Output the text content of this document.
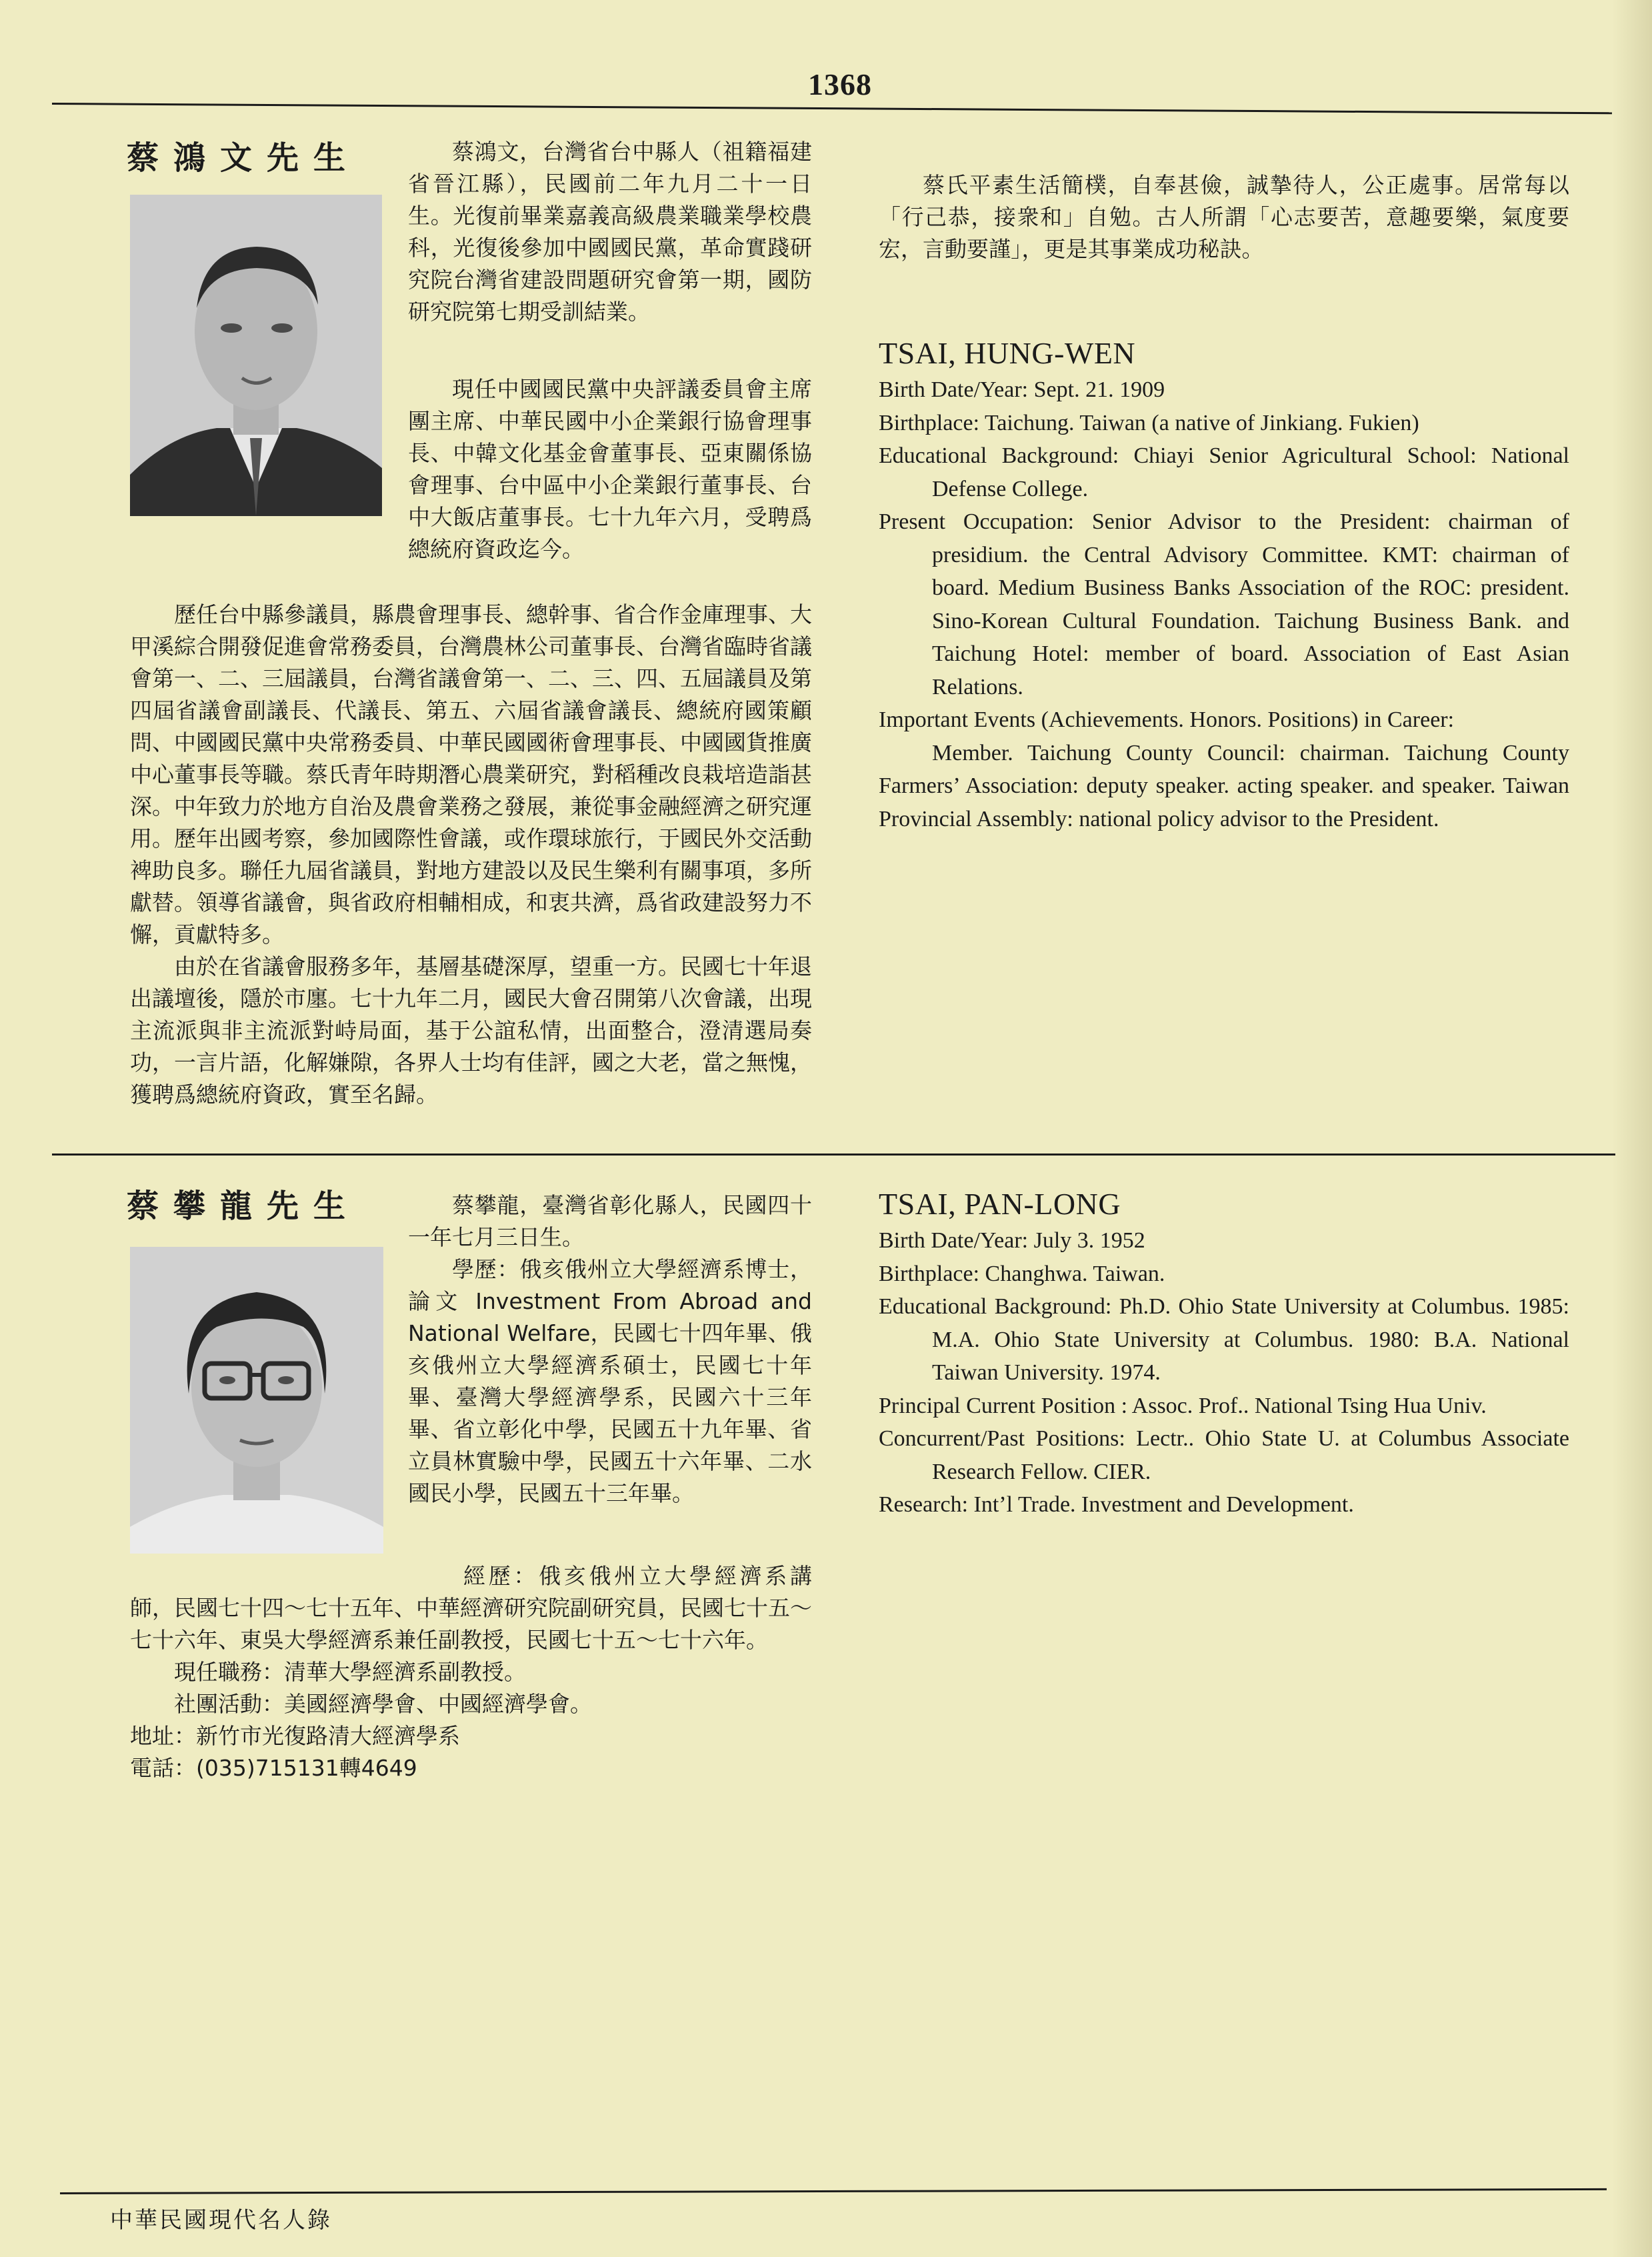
1368
蔡鴻文先生	蔡鴻文，台灣省台中縣人（祖籍福建省晉江縣），民國前二年九月二十一日生。光復前畢業嘉義高級農業職業學校農科，光復後參加中國國民黨，革命實踐研究院台灣省建設問題研究會第一期，國防研究院第七期受訓結業。

現任中國國民黨中央評議委員會主席團主席、中華民國中小企業銀行協會理事長、中韓文化基金會董事長、亞東關係協會理事、台中區中小企業銀行董事長、台中大飯店董事長。七十九年六月，受聘爲總統府資政迄今。

歷任台中縣參議員，縣農會理事長、總幹事、省合作金庫理事、大甲溪綜合開發促進會常務委員，台灣農林公司董事長、台灣省臨時省議會第一、二、三屆議員，台灣省議會第一、二、三、四、五屆議員及第四屆省議會副議長、代議長、第五、六屆省議會議長、總統府國策顧問、中國國民黨中央常務委員、中華民國國術會理事長、中國國貨推廣中心董事長等職。蔡氏青年時期潛心農業研究，對稻種改良栽培造詣甚深。中年致力於地方自治及農會業務之發展，兼從事金融經濟之研究運用。歷年出國考察，參加國際性會議，或作環球旅行，于國民外交活動裨助良多。聯任九屆省議員，對地方建設以及民生樂利有關事項，多所獻替。領導省議會，與省政府相輔相成，和衷共濟，爲省政建設努力不懈，貢獻特多。

由於在省議會服務多年，基層基礎深厚，望重一方。民國七十年退出議壇後，隱於市廛。七十九年二月，國民大會召開第八次會議，出現主流派與非主流派對峙局面，基于公誼私情，出面整合，澄清選局奏功，一言片語，化解嫌隙，各界人士均有佳評，國之大老，當之無愧，獲聘爲總統府資政，實至名歸。

蔡氏平素生活簡樸，自奉甚儉，誠摯待人，公正處事。居常每以「行己恭，接衆和」自勉。古人所謂「心志要苦，意趣要樂，氣度要宏，言動要謹」，更是其事業成功秘訣。

TSAI, HUNG-WEN

Birth Date/Year: Sept. 21. 1909

Birthplace: Taichung. Taiwan (a native of Jinkiang. Fukien)

Educational Background: Chiayi Senior Agricultural School: National Defense College.

Present Occupation: Senior Advisor to the President: chairman of presidium. the Central Advisory Committee. KMT: chairman of board. Medium Business Banks Association of the ROC: president. Sino-Korean Cultural Foundation. Taichung Business Bank. and Taichung Hotel: member of board. Association of East Asian Relations.

Important Events (Achievements. Honors. Positions) in Career:

Member. Taichung County Council: chairman. Taichung County Farmers’ Association: deputy speaker. acting speaker. and speaker. Taiwan Provincial Assembly: national policy advisor to the President.

蔡攀龍先生	蔡攀龍，臺灣省彰化縣人，民國四十一年七月三日生。

學歷：俄亥俄州立大學經濟系博士，論文 Investment From Abroad and National Welfare，民國七十四年畢、俄亥俄州立大學經濟系碩士，民國七十年畢、臺灣大學經濟學系，民國六十三年畢、省立彰化中學，民國五十九年畢、省立員林實驗中學，民國五十六年畢、二水國民小學，民國五十三年畢。

經歷：俄亥俄州立大學經濟系講師，民國七十四～七十五年、中華經濟研究院副研究員，民國七十五～七十六年、東吳大學經濟系兼任副教授，民國七十五～七十六年。

現任職務：清華大學經濟系副教授。

社團活動：美國經濟學會、中國經濟學會。

地址：新竹市光復路清大經濟學系

電話：(035)715131轉4649

TSAI, PAN-LONG

Birth Date/Year: July 3. 1952

Birthplace: Changhwa. Taiwan.

Educational Background: Ph.D. Ohio State University at Columbus. 1985: M.A. Ohio State University at Columbus. 1980: B.A. National Taiwan University. 1974.

Principal Current Position : Assoc. Prof.. National Tsing Hua Univ.

Concurrent/Past Positions: Lectr.. Ohio State U. at Columbus Associate Research Fellow. CIER.

Research: Int’l Trade. Investment and Development.

中華民國現代名人錄
